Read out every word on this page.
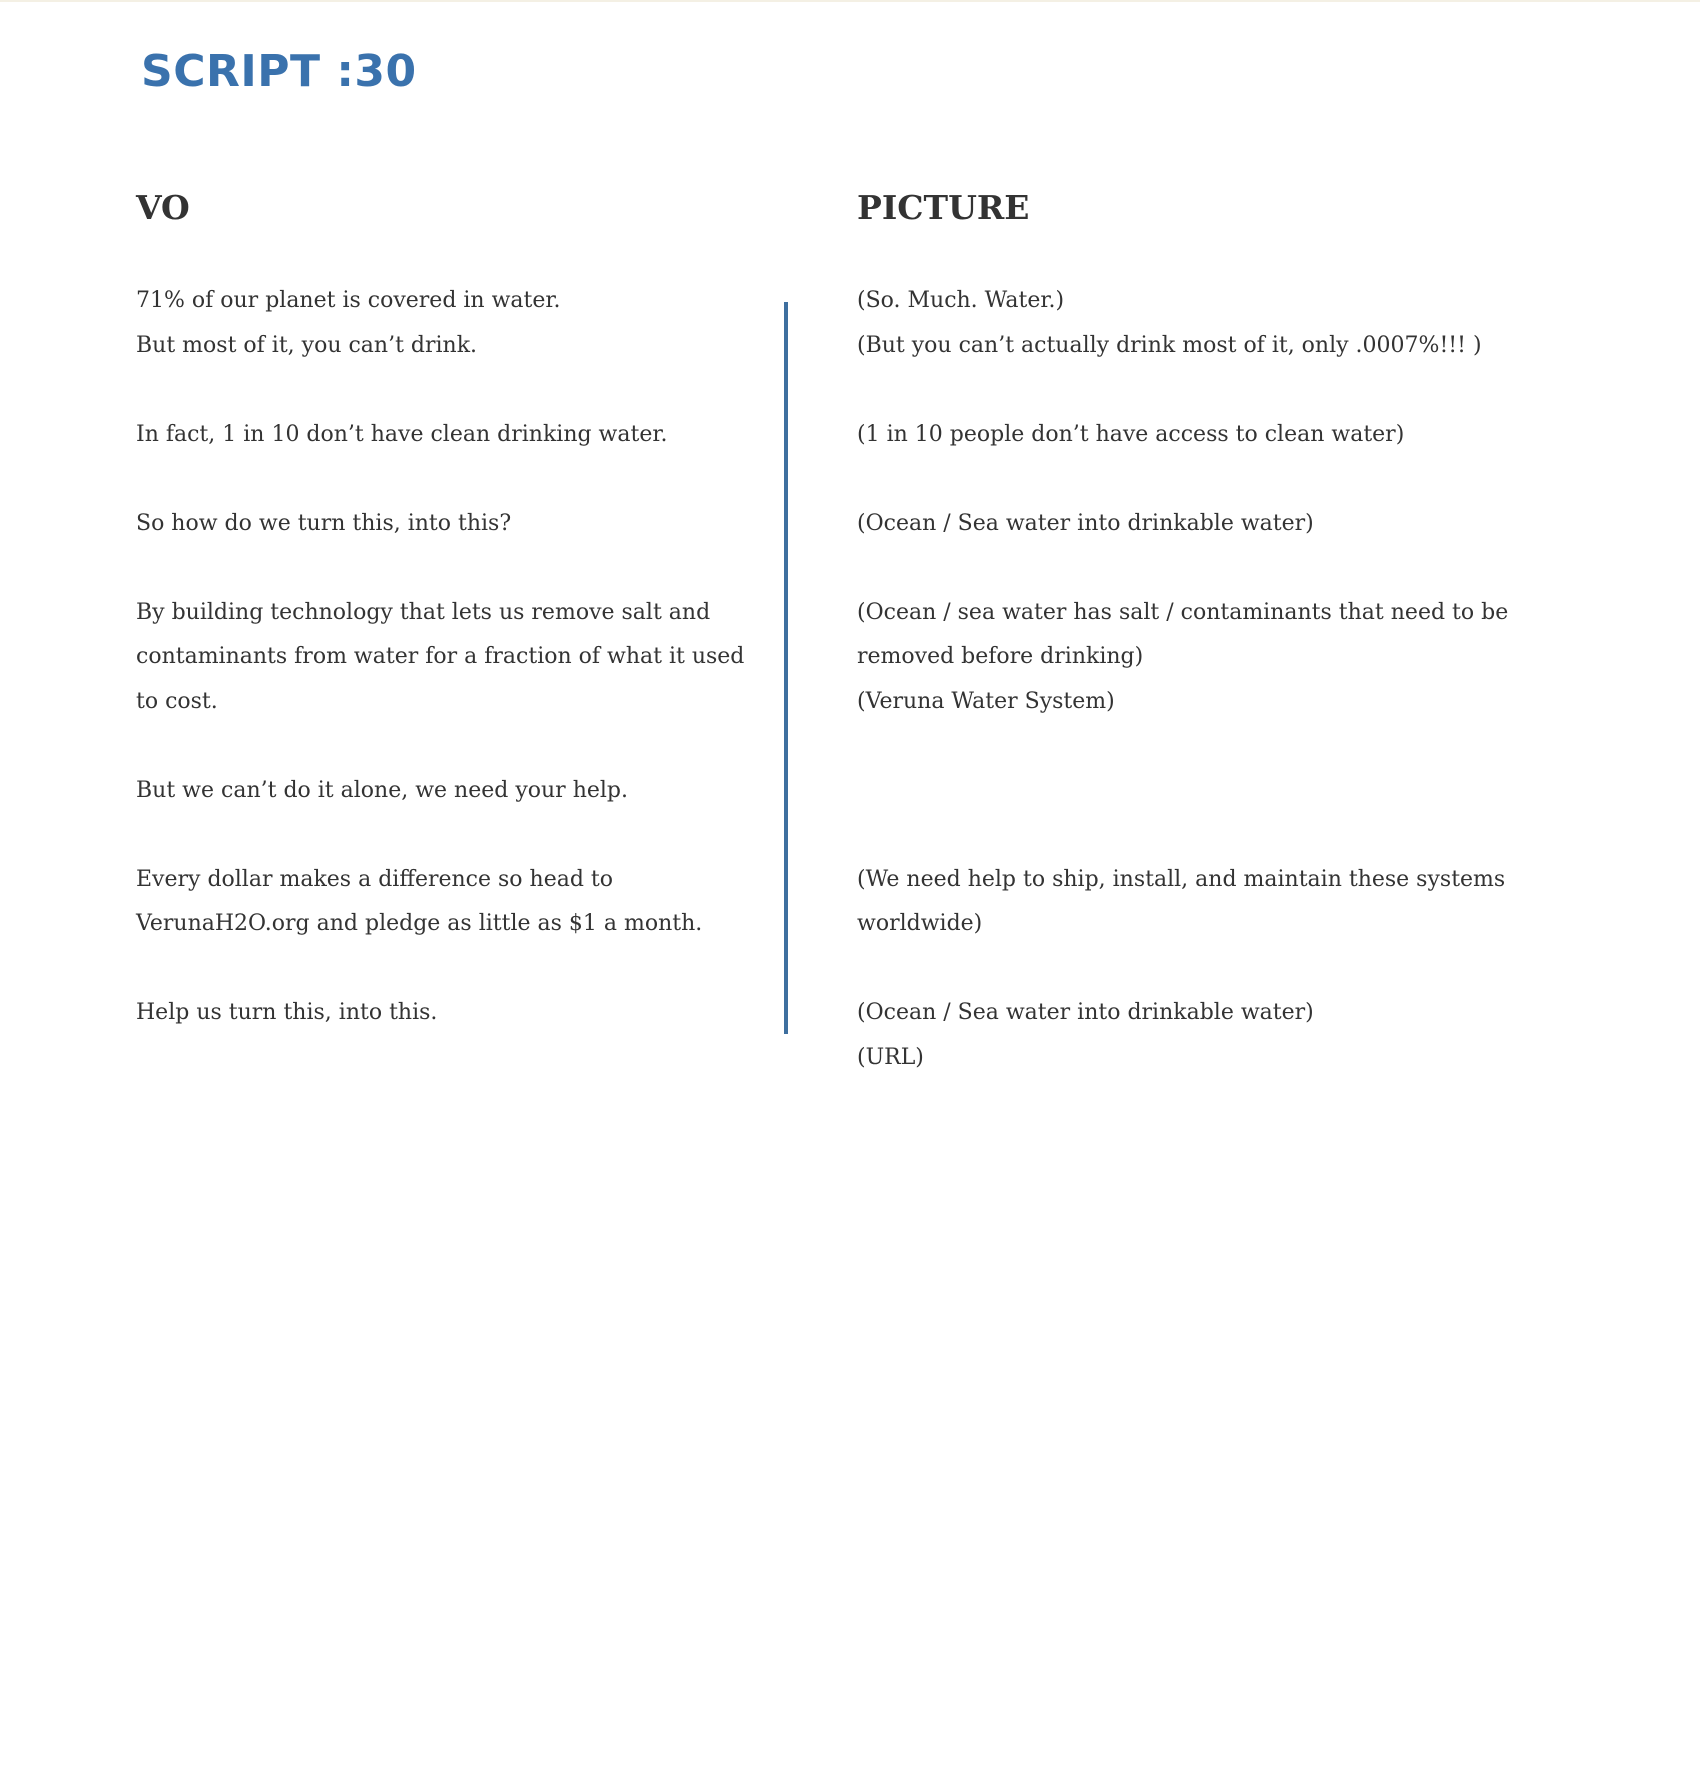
SCRIPT :30
VO	PICTURE
71% of our planet is covered in water.
But most of it, you can’t drink.
In fact, 1 in 10 don’t have clean drinking water.
So how do we turn this, into this?
By building technology that lets us remove salt and
contaminants from water for a fraction of what it used
to cost.
But we can’t do it alone, we need your help.
Every dollar makes a difference so head to
VerunaH2O.org and pledge as little as $1 a month.
Help us turn this, into this.
(So. Much. Water.)
(But you can’t actually drink most of it, only .0007%!!! )
(1 in 10 people don’t have access to clean water)
(Ocean / Sea water into drinkable water)
(Ocean / sea water has salt / contaminants that need to be
removed before drinking)
(Veruna Water System)
(We need help to ship, install, and maintain these systems
worldwide)
(Ocean / Sea water into drinkable water)
(URL)
